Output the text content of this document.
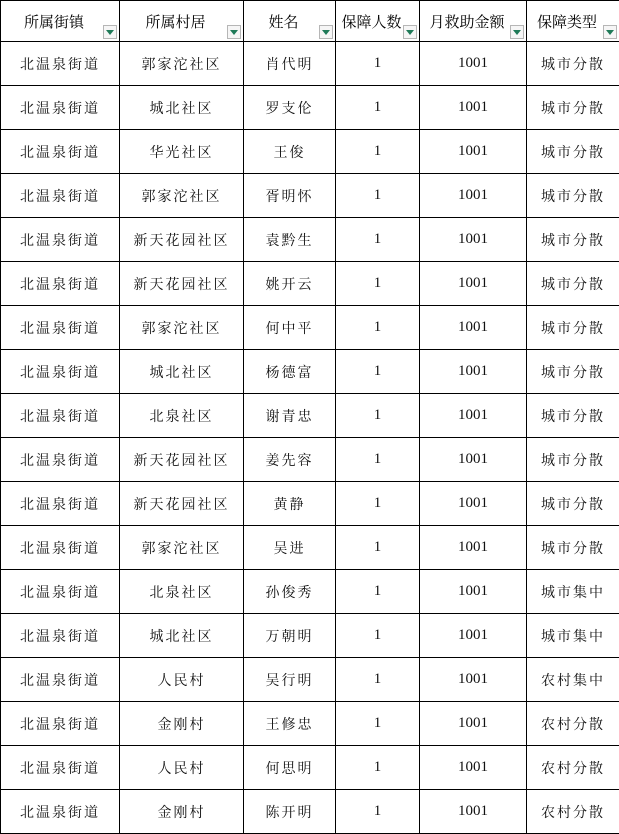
所属街镇	所属村居	姓名	保障人数	月救助金额	保障类型

北温泉街道	郭家沱社区	肖代明	1	1001	城市分散
北温泉街道	城北社区	罗支伦	1	1001	城市分散
北温泉街道	华光社区	王俊	1	1001	城市分散
北温泉街道	郭家沱社区	胥明怀	1	1001	城市分散
北温泉街道	新天花园社区	袁黔生	1	1001	城市分散
北温泉街道	新天花园社区	姚开云	1	1001	城市分散
北温泉街道	郭家沱社区	何中平	1	1001	城市分散
北温泉街道	城北社区	杨德富	1	1001	城市分散
北温泉街道	北泉社区	谢青忠	1	1001	城市分散
北温泉街道	新天花园社区	姜先容	1	1001	城市分散
北温泉街道	新天花园社区	黄静	1	1001	城市分散
北温泉街道	郭家沱社区	吴进	1	1001	城市分散
北温泉街道	北泉社区	孙俊秀	1	1001	城市集中
北温泉街道	城北社区	万朝明	1	1001	城市集中
北温泉街道	人民村	吴行明	1	1001	农村集中
北温泉街道	金刚村	王修忠	1	1001	农村分散
北温泉街道	人民村	何思明	1	1001	农村分散
北温泉街道	金刚村	陈开明	1	1001	农村分散
